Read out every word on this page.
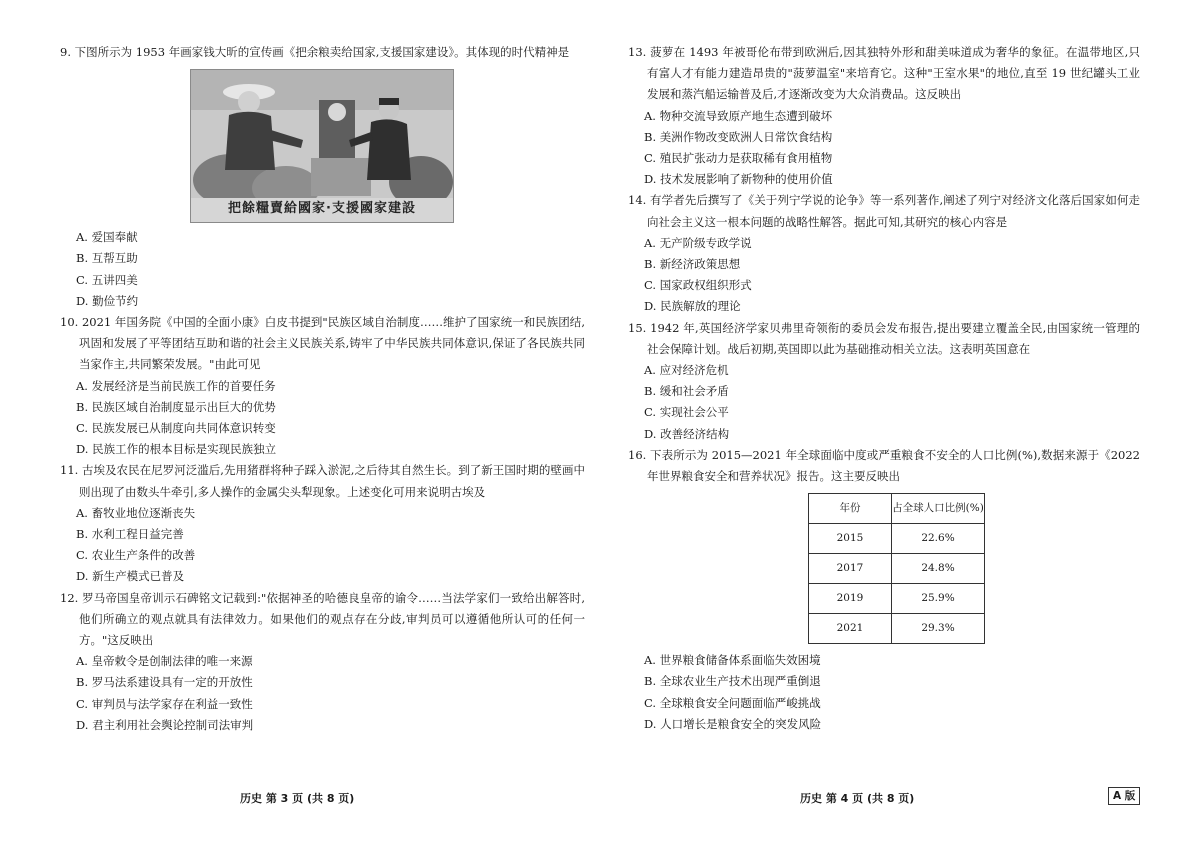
9. 下图所示为 1953 年画家钱大昕的宣传画《把余粮卖给国家,支援国家建设》。其体现的时代精神是
把餘糧賣給國家·支援國家建設
A. 爱国奉献
B. 互帮互助
C. 五讲四美
D. 勤俭节约
10. 2021 年国务院《中国的全面小康》白皮书提到"民族区域自治制度……维护了国家统一和民族团结,巩固和发展了平等团结互助和谐的社会主义民族关系,铸牢了中华民族共同体意识,保证了各民族共同当家作主,共同繁荣发展。"由此可见
A. 发展经济是当前民族工作的首要任务
B. 民族区域自治制度显示出巨大的优势
C. 民族发展已从制度向共同体意识转变
D. 民族工作的根本目标是实现民族独立
11. 古埃及农民在尼罗河泛滥后,先用猪群将种子踩入淤泥,之后待其自然生长。到了新王国时期的壁画中则出现了由数头牛牵引,多人操作的金属尖头犁现象。上述变化可用来说明古埃及
A. 畜牧业地位逐渐丧失
B. 水利工程日益完善
C. 农业生产条件的改善
D. 新生产模式已普及
12. 罗马帝国皇帝训示石碑铭文记载到:"依据神圣的哈德良皇帝的谕令……当法学家们一致给出解答时,他们所确立的观点就具有法律效力。如果他们的观点存在分歧,审判员可以遵循他所认可的任何一方。"这反映出
A. 皇帝敕令是创制法律的唯一来源
B. 罗马法系建设具有一定的开放性
C. 审判员与法学家存在利益一致性
D. 君主利用社会舆论控制司法审判
历史 第 3 页 (共 8 页)
13. 菠萝在 1493 年被哥伦布带到欧洲后,因其独特外形和甜美味道成为奢华的象征。在温带地区,只有富人才有能力建造昂贵的"菠萝温室"来培育它。这种"王室水果"的地位,直至 19 世纪罐头工业发展和蒸汽船运输普及后,才逐渐改变为大众消费品。这反映出
A. 物种交流导致原产地生态遭到破坏
B. 美洲作物改变欧洲人日常饮食结构
C. 殖民扩张动力是获取稀有食用植物
D. 技术发展影响了新物种的使用价值
14. 有学者先后撰写了《关于列宁学说的论争》等一系列著作,阐述了列宁对经济文化落后国家如何走向社会主义这一根本问题的战略性解答。据此可知,其研究的核心内容是
A. 无产阶级专政学说
B. 新经济政策思想
C. 国家政权组织形式
D. 民族解放的理论
15. 1942 年,英国经济学家贝弗里奇领衔的委员会发布报告,提出要建立覆盖全民,由国家统一管理的社会保障计划。战后初期,英国即以此为基础推动相关立法。这表明英国意在
A. 应对经济危机
B. 缓和社会矛盾
C. 实现社会公平
D. 改善经济结构
16. 下表所示为 2015—2021 年全球面临中度或严重粮食不安全的人口比例(%),数据来源于《2022 年世界粮食安全和营养状况》报告。这主要反映出
年份	占全球人口比例(%)
2015	22.6%
2017	24.8%
2019	25.9%
2021	29.3%
A. 世界粮食储备体系面临失效困境
B. 全球农业生产技术出现严重倒退
C. 全球粮食安全问题面临严峻挑战
D. 人口增长是粮食安全的突发风险
历史 第 4 页 (共 8 页)	A 版
